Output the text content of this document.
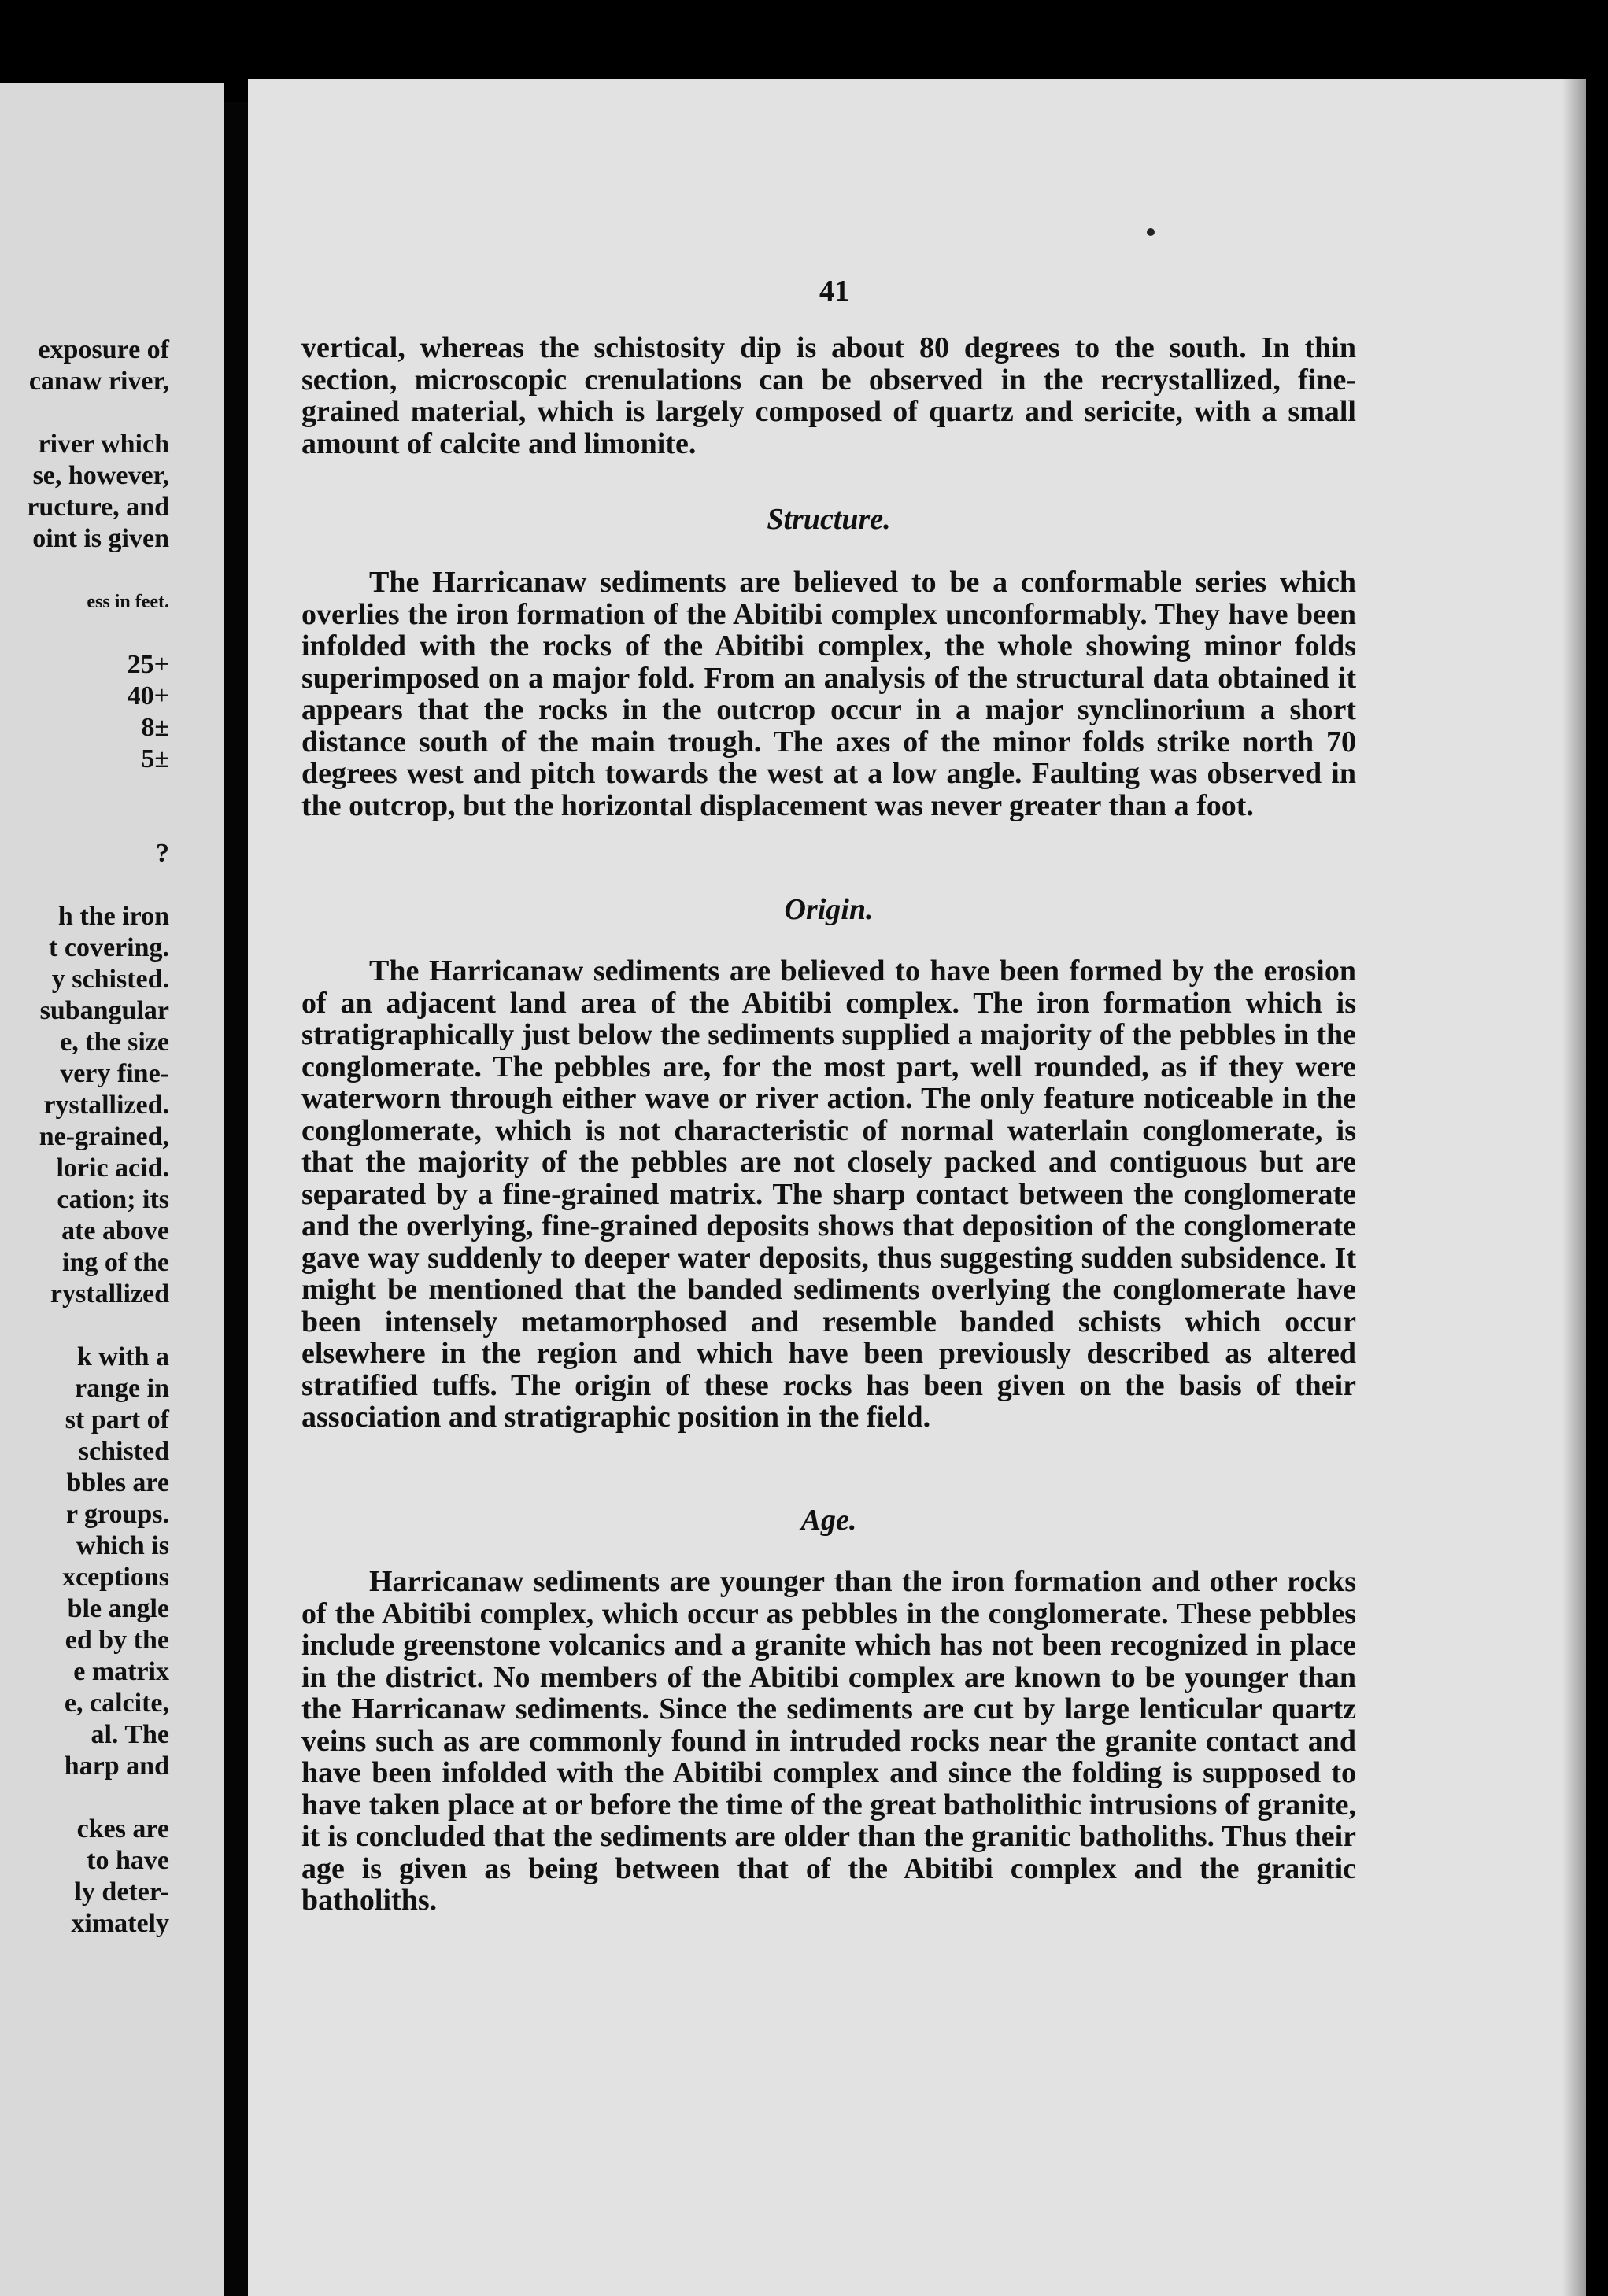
exposure of
canaw river,
river which
se, however,
ructure, and
oint is given
ess in feet.
25+
40+
8±
5±
?
h the iron
t covering.
y schisted.
subangular
e, the size
very fine-
rystallized.
ne-grained,
loric acid.
cation; its
ate above
ing of the
rystallized
k with a
range in
st part of
schisted
bbles are
r groups.
which is
xceptions
ble angle
ed by the
e matrix
e, calcite,
al. The
harp and
ckes are
to have
ly deter-
ximately
41

vertical, whereas the schistosity dip is about 80 degrees to the south. In thin section, microscopic crenulations can be observed in the recrystallized, fine-grained material, which is largely composed of quartz and sericite, with a small amount of calcite and limonite.

Structure.

The Harricanaw sediments are believed to be a conformable series which overlies the iron formation of the Abitibi complex unconformably. They have been infolded with the rocks of the Abitibi complex, the whole showing minor folds superimposed on a major fold. From an analysis of the structural data obtained it appears that the rocks in the outcrop occur in a major synclinorium a short distance south of the main trough. The axes of the minor folds strike north 70 degrees west and pitch towards the west at a low angle. Faulting was observed in the outcrop, but the horizontal displacement was never greater than a foot.

Origin.

The Harricanaw sediments are believed to have been formed by the erosion of an adjacent land area of the Abitibi complex. The iron formation which is stratigraphically just below the sediments supplied a majority of the pebbles in the conglomerate. The pebbles are, for the most part, well rounded, as if they were waterworn through either wave or river action. The only feature noticeable in the conglomerate, which is not characteristic of normal waterlain conglomerate, is that the majority of the pebbles are not closely packed and contiguous but are separated by a fine-grained matrix. The sharp contact between the conglomerate and the overlying, fine-grained deposits shows that deposition of the conglomerate gave way suddenly to deeper water deposits, thus suggesting sudden subsidence. It might be mentioned that the banded sediments overlying the conglomerate have been intensely metamorphosed and resemble banded schists which occur elsewhere in the region and which have been previously described as altered stratified tuffs. The origin of these rocks has been given on the basis of their association and stratigraphic position in the field.

Age.

Harricanaw sediments are younger than the iron formation and other rocks of the Abitibi complex, which occur as pebbles in the conglomerate. These pebbles include greenstone volcanics and a granite which has not been recognized in place in the district. No members of the Abitibi complex are known to be younger than the Harricanaw sediments. Since the sediments are cut by large lenticular quartz veins such as are commonly found in intruded rocks near the granite contact and have been infolded with the Abitibi complex and since the folding is supposed to have taken place at or before the time of the great batholithic intrusions of granite, it is concluded that the sediments are older than the granitic batholiths. Thus their age is given as being between that of the Abitibi complex and the granitic batholiths.
